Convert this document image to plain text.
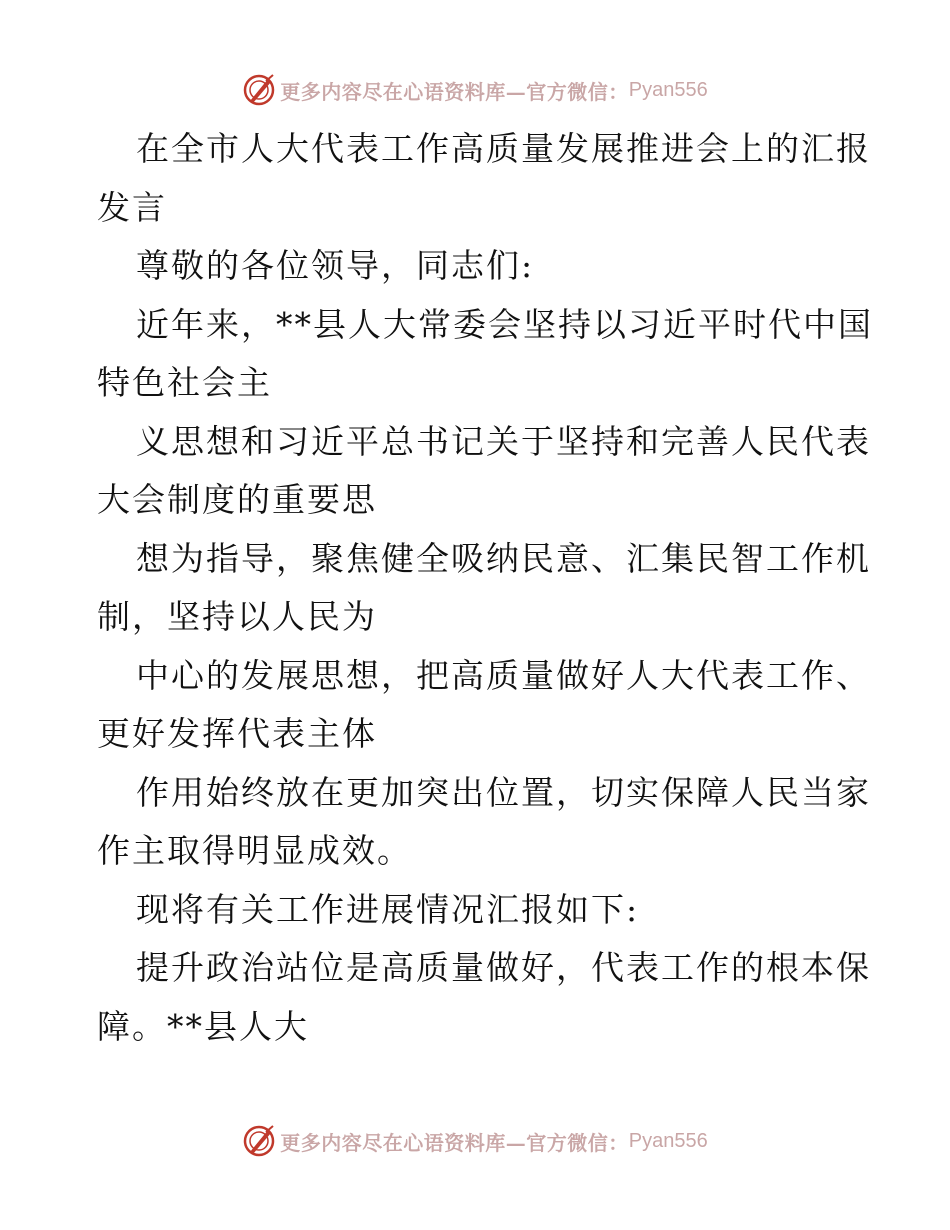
更多内容尽在心语资料库—官方微信： Pyan556
在全市人大代表工作高质量发展推进会上的汇报
发言
尊敬的各位领导，同志们:
近年来，**县人大常委会坚持以习近平时代中国
特色社会主
义思想和习近平总书记关于坚持和完善人民代表
大会制度的重要思
想为指导，聚焦健全吸纳民意、汇集民智工作机
制，坚持以人民为
中心的发展思想，把高质量做好人大代表工作、
更好发挥代表主体
作用始终放在更加突出位置，切实保障人民当家
作主取得明显成效。
现将有关工作进展情况汇报如下:
提升政治站位是高质量做好，代表工作的根本保
障。**县人大
更多内容尽在心语资料库—官方微信： Pyan556
